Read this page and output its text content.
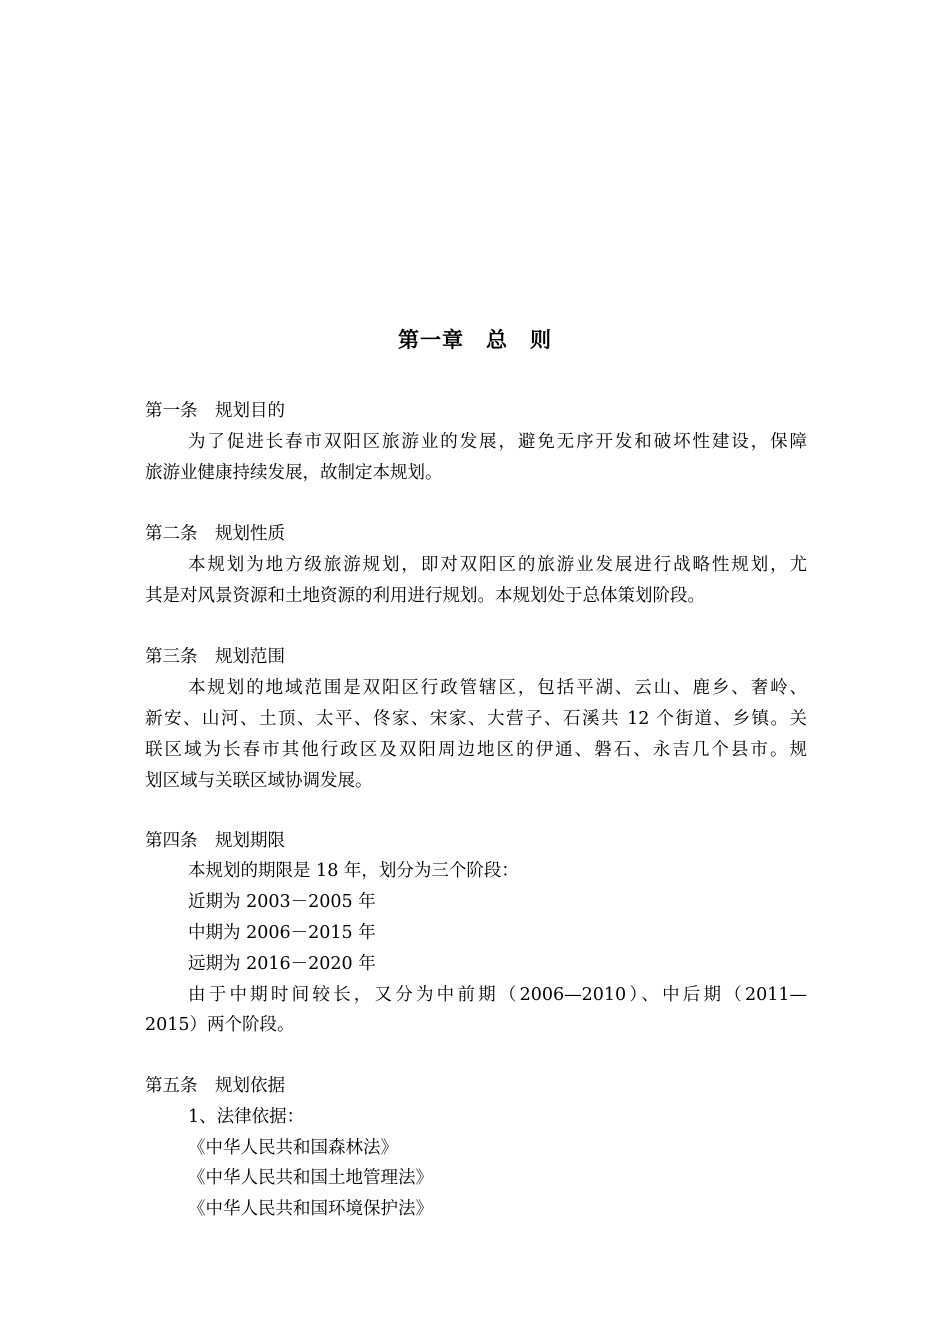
第一章　总　则
第一条　规划目的
为了促进长春市双阳区旅游业的发展，避免无序开发和破坏性建设，保障
旅游业健康持续发展，故制定本规划。
第二条　规划性质
本规划为地方级旅游规划，即对双阳区的旅游业发展进行战略性规划，尤
其是对风景资源和土地资源的利用进行规划。本规划处于总体策划阶段。
第三条　规划范围
本规划的地域范围是双阳区行政管辖区，包括平湖、云山、鹿乡、奢岭、
新安、山河、土顶、太平、佟家、宋家、大营子、石溪共 12 个街道、乡镇。关
联区域为长春市其他行政区及双阳周边地区的伊通、磐石、永吉几个县市。规
划区域与关联区域协调发展。
第四条　规划期限
本规划的期限是 18 年，划分为三个阶段：
近期为 2003－2005 年
中期为 2006－2015 年
远期为 2016－2020 年
由于中期时间较长，又分为中前期（2006—2010）、中后期（2011—
2015）两个阶段。
第五条　规划依据
1、法律依据：
《中华人民共和国森林法》
《中华人民共和国土地管理法》
《中华人民共和国环境保护法》
